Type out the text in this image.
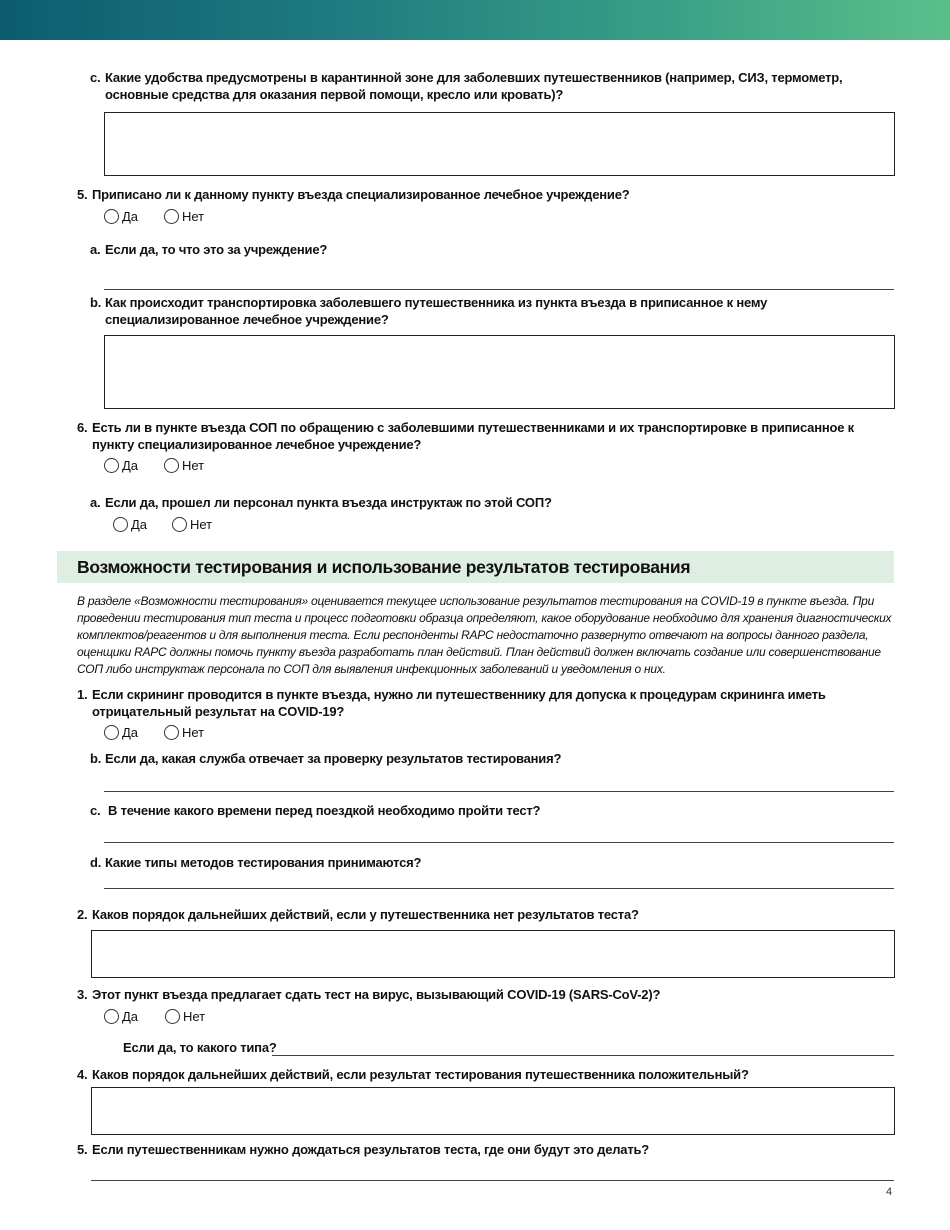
c. Какие удобства предусмотрены в карантинной зоне для заболевших путешественников (например, СИЗ, термометр, основные средства для оказания первой помощи, кресло или кровать)?
5. Приписано ли к данному пункту въезда специализированное лечебное учреждение?
Да	Нет
a. Если да, то что это за учреждение?
b. Как происходит транспортировка заболевшего путешественника из пункта въезда в приписанное к нему специализированное лечебное учреждение?
6. Есть ли в пункте въезда СОП по обращению с заболевшими путешественниками и их транспортировке в приписанное к пункту специализированное лечебное учреждение?
Да	Нет
a. Если да, прошел ли персонал пункта въезда инструктаж по этой СОП?
Да	Нет
Возможности тестирования и использование результатов тестирования
В разделе «Возможности тестирования» оценивается текущее использование результатов тестирования на COVID-19 в пункте въезда. При проведении тестирования тип теста и процесс подготовки образца определяют, какое оборудование необходимо для хранения диагностических комплектов/реагентов и для выполнения теста. Если респонденты RAPC недостаточно развернуто отвечают на вопросы данного раздела, оценщики RAPC должны помочь пункту въезда разработать план действий. План действий должен включать создание или совершенствование СОП либо инструктаж персонала по СОП для выявления инфекционных заболеваний и уведомления о них.
1. Если скрининг проводится в пункте въезда, нужно ли путешественнику для допуска к процедурам скрининга иметь отрицательный результат на COVID-19?
Да	Нет
b. Если да, какая служба отвечает за проверку результатов тестирования?
c. В течение какого времени перед поездкой необходимо пройти тест?
d. Какие типы методов тестирования принимаются?
2. Каков порядок дальнейших действий, если у путешественника нет результатов теста?
3. Этот пункт въезда предлагает сдать тест на вирус, вызывающий COVID-19 (SARS-CoV-2)?
Да	Нет
Если да, то какого типа?
4. Каков порядок дальнейших действий, если результат тестирования путешественника положительный?
5. Если путешественникам нужно дождаться результатов теста, где они будут это делать?
4
